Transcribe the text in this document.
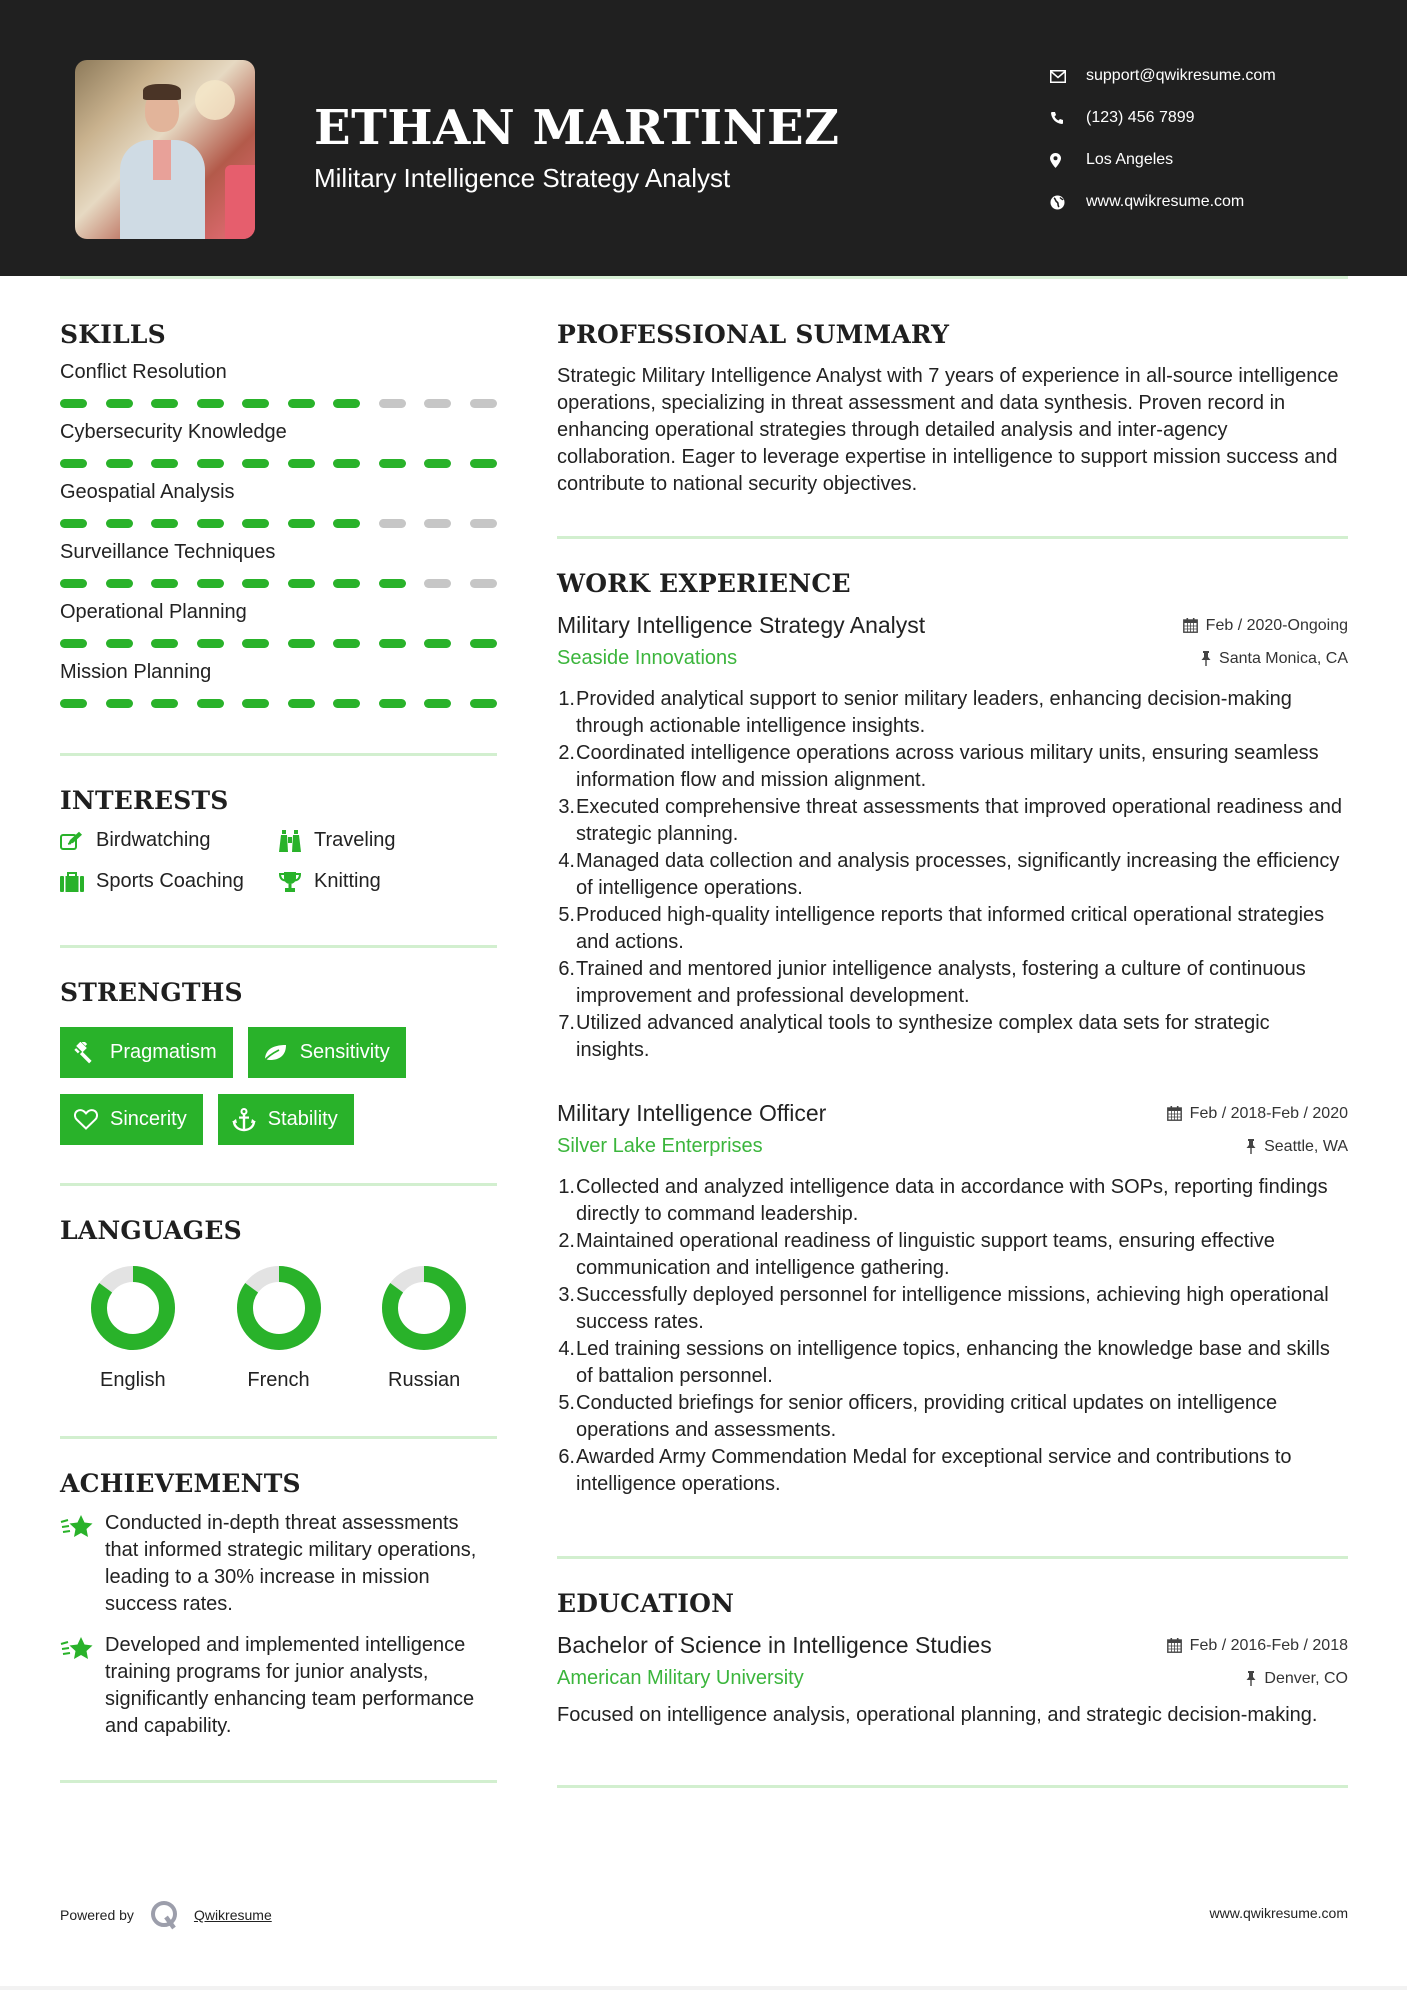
ETHAN MARTINEZ
Military Intelligence Strategy Analyst
support@qwikresume.com
(123) 456 7899
Los Angeles
www.qwikresume.com
SKILLS
Conflict Resolution
Cybersecurity Knowledge
Geospatial Analysis
Surveillance Techniques
Operational Planning
Mission Planning
INTERESTS
Birdwatching	Traveling
Sports Coaching	Knitting
STRENGTHS
Pragmatism	Sensitivity
Sincerity	Stability
LANGUAGES
English	French	Russian
ACHIEVEMENTS
Conducted in-depth threat assessments that informed strategic military operations, leading to a 30% increase in mission success rates.
Developed and implemented intelligence training programs for junior analysts, significantly enhancing team performance and capability.
PROFESSIONAL SUMMARY

Strategic Military Intelligence Analyst with 7 years of experience in all-source intelligence operations, specializing in threat assessment and data synthesis. Proven record in enhancing operational strategies through detailed analysis and inter-agency collaboration. Eager to leverage expertise in intelligence to support mission success and contribute to national security objectives.

WORK EXPERIENCE
Military Intelligence Strategy Analyst	Feb / 2020-Ongoing
Seaside Innovations	Santa Monica, CA
1. Provided analytical support to senior military leaders, enhancing decision-making through actionable intelligence insights.
2. Coordinated intelligence operations across various military units, ensuring seamless information flow and mission alignment.
3. Executed comprehensive threat assessments that improved operational readiness and strategic planning.
4. Managed data collection and analysis processes, significantly increasing the efficiency of intelligence operations.
5. Produced high-quality intelligence reports that informed critical operational strategies and actions.
6. Trained and mentored junior intelligence analysts, fostering a culture of continuous improvement and professional development.
7. Utilized advanced analytical tools to synthesize complex data sets for strategic insights.
Military Intelligence Officer	Feb / 2018-Feb / 2020
Silver Lake Enterprises	Seattle, WA
1. Collected and analyzed intelligence data in accordance with SOPs, reporting findings directly to command leadership.
2. Maintained operational readiness of linguistic support teams, ensuring effective communication and intelligence gathering.
3. Successfully deployed personnel for intelligence missions, achieving high operational success rates.
4. Led training sessions on intelligence topics, enhancing the knowledge base and skills of battalion personnel.
5. Conducted briefings for senior officers, providing critical updates on intelligence operations and assessments.
6. Awarded Army Commendation Medal for exceptional service and contributions to intelligence operations.
EDUCATION
Bachelor of Science in Intelligence Studies	Feb / 2016-Feb / 2018
American Military University	Denver, CO

Focused on intelligence analysis, operational planning, and strategic decision-making.

Powered by	Qwikresume	www.qwikresume.com
